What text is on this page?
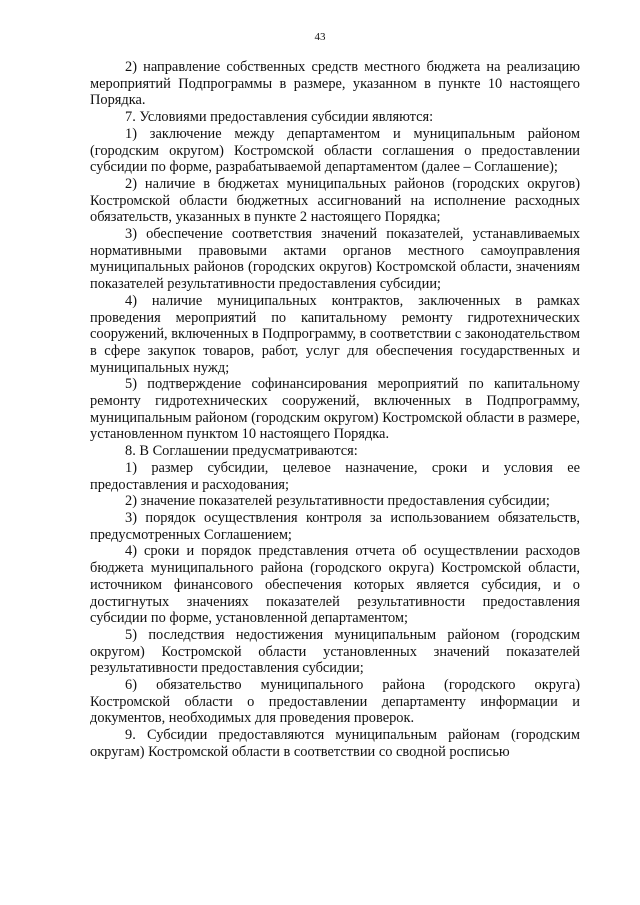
43

2) направление собственных средств местного бюджета на реализацию мероприятий Подпрограммы в размере, указанном в пункте 10 настоящего Порядка.

7. Условиями предоставления субсидии являются:

1) заключение между департаментом и муниципальным районом (городским округом) Костромской области соглашения о предоставлении субсидии по форме, разрабатываемой департаментом (далее – Соглашение);

2) наличие в бюджетах муниципальных районов (городских округов) Костромской области бюджетных ассигнований на исполнение расходных обязательств, указанных в пункте 2 настоящего Порядка;

3) обеспечение соответствия значений показателей, устанавливаемых нормативными правовыми актами органов местного самоуправления муниципальных районов (городских округов) Костромской области, значениям показателей результативности предоставления субсидии;

4) наличие муниципальных контрактов, заключенных в рамках проведения мероприятий по капитальному ремонту гидротехнических сооружений, включенных в Подпрограмму, в соответствии с законодательством в сфере закупок товаров, работ, услуг для обеспечения государственных и муниципальных нужд;

5) подтверждение софинансирования мероприятий по капитальному ремонту гидротехнических сооружений, включенных в Подпрограмму, муниципальным районом (городским округом) Костромской области в размере, установленном пунктом 10 настоящего Порядка.

8. В Соглашении предусматриваются:

1) размер субсидии, целевое назначение, сроки и условия ее предоставления и расходования;

2) значение показателей результативности предоставления субсидии;

3) порядок осуществления контроля за использованием обязательств, предусмотренных Соглашением;

4) сроки и порядок представления отчета об осуществлении расходов бюджета муниципального района (городского округа) Костромской области, источником финансового обеспечения которых является субсидия, и о достигнутых значениях показателей результативности предоставления субсидии по форме, установленной департаментом;

5) последствия недостижения муниципальным районом (городским округом) Костромской области установленных значений показателей результативности предоставления субсидии;

6) обязательство муниципального района (городского округа) Костромской области о предоставлении департаменту информации и документов, необходимых для проведения проверок.

9. Субсидии предоставляются муниципальным районам (городским округам) Костромской области в соответствии со сводной росписью
